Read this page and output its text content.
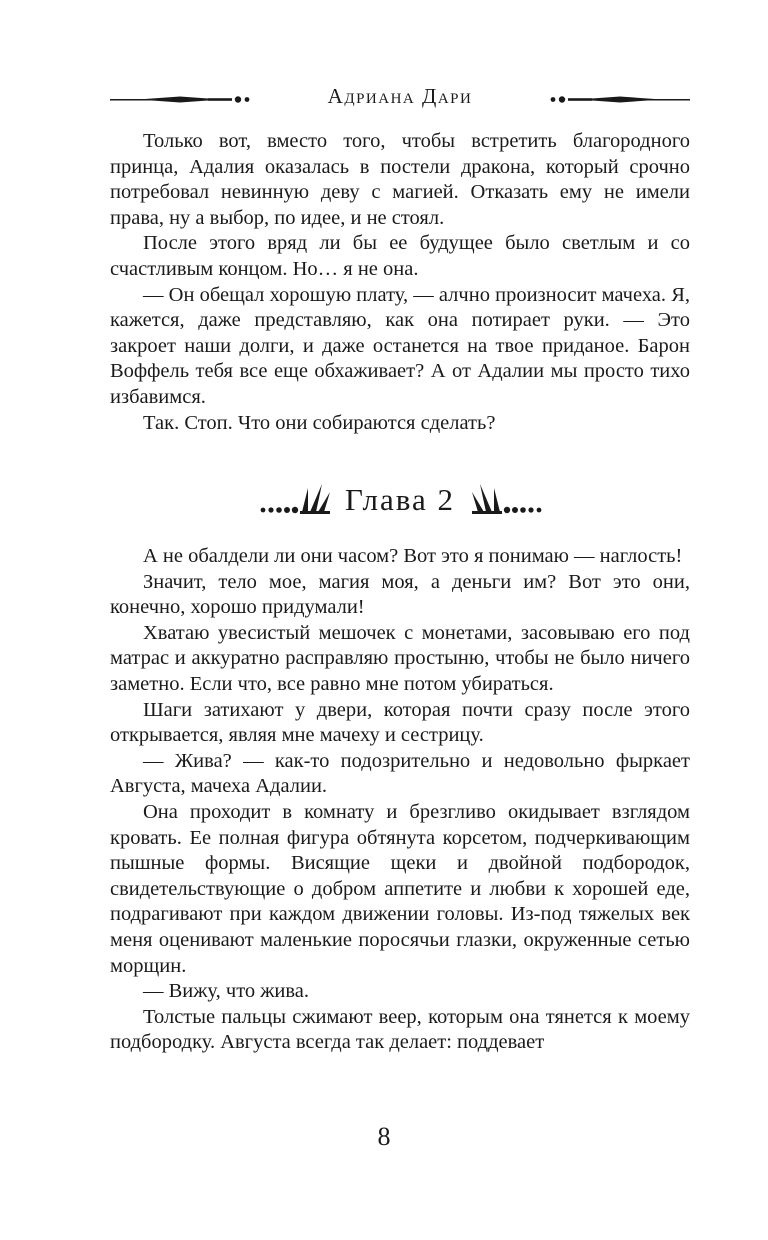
Адриана Дари

Только вот, вместо того, чтобы встретить благородного принца, Адалия оказалась в постели дракона, который срочно потребовал невинную деву с магией. Отказать ему не имели права, ну а выбор, по идее, и не стоял.

После этого вряд ли бы ее будущее было светлым и со счастливым концом. Но… я не она.

— Он обещал хорошую плату, — алчно произносит мачеха. Я, кажется, даже представляю, как она потирает руки. — Это закроет наши долги, и даже останется на твое приданое. Барон Воффель тебя все еще обхаживает? А от Адалии мы просто тихо избавимся.

Так. Стоп. Что они собираются сделать?

Глава 2

А не обалдели ли они часом? Вот это я понимаю — наглость!

Значит, тело мое, магия моя, а деньги им? Вот это они, конечно, хорошо придумали!

Хватаю увесистый мешочек с монетами, засовываю его под матрас и аккуратно расправляю простыню, чтобы не было ничего заметно. Если что, все равно мне потом убираться.

Шаги затихают у двери, которая почти сразу после этого открывается, являя мне мачеху и сестрицу.

— Жива? — как-то подозрительно и недовольно фыркает Августа, мачеха Адалии.

Она проходит в комнату и брезгливо окидывает взглядом кровать. Ее полная фигура обтянута корсетом, подчеркивающим пышные формы. Висящие щеки и двойной подбородок, свидетельствующие о добром аппетите и любви к хорошей еде, подрагивают при каждом движении головы. Из-под тяжелых век меня оценивают маленькие поросячьи глазки, окруженные сетью морщин.

— Вижу, что жива.

Толстые пальцы сжимают веер, которым она тянется к моему подбородку. Августа всегда так делает: поддевает

8
